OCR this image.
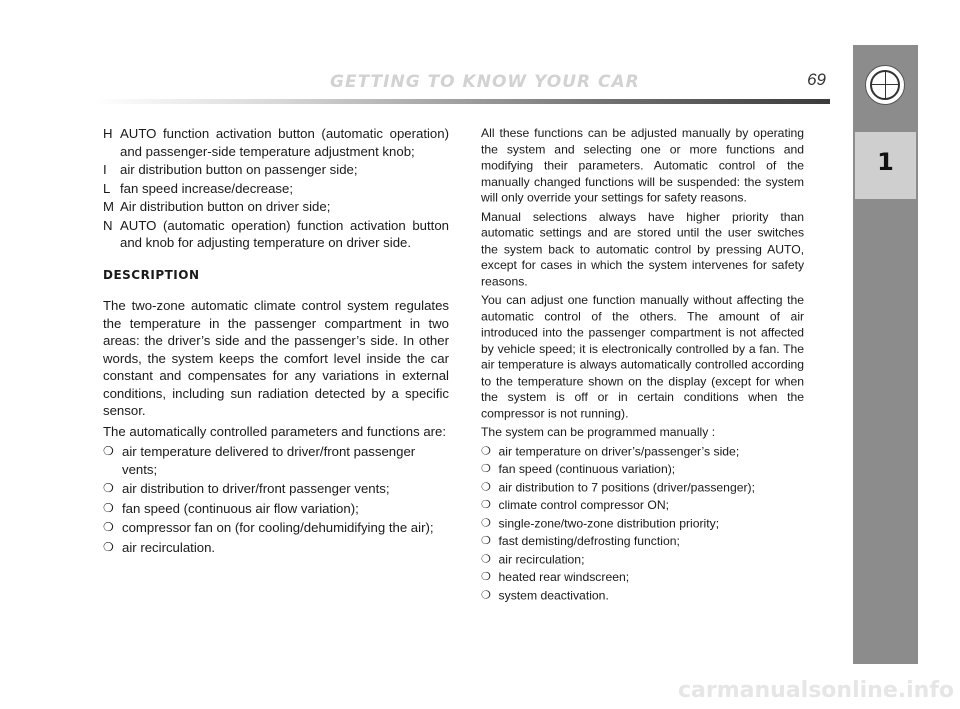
GETTING TO KNOW YOUR CAR	69
1
H AUTO function activation button (automatic operation) and passenger-side temperature adjustment knob;
I	air distribution button on passenger side;
L fan speed increase/decrease;
M Air distribution button on driver side;
N AUTO (automatic operation) function activation button and knob for adjusting temperature on driver side.
DESCRIPTION

The two-zone automatic climate control system regulates the temperature in the passenger compartment in two areas: the driver’s side and the passenger’s side. In other words, the system keeps the comfort level inside the car constant and compensates for any variations in external conditions, including sun radiation detected by a specific sensor.

The automatically controlled parameters and functions are:

❍ air temperature delivered to driver/front passenger vents;
❍ air distribution to driver/front passenger vents;
❍ fan speed (continuous air flow variation);
❍ compressor fan on (for cooling/dehumidifying the air);
❍ air recirculation.

All these functions can be adjusted manually by operating the system and selecting one or more functions and modifying their parameters. Automatic control of the manually changed functions will be suspended: the system will only override your settings for safety reasons.

Manual selections always have higher priority than automatic settings and are stored until the user switches the system back to automatic control by pressing AUTO, except for cases in which the system intervenes for safety reasons.

You can adjust one function manually without affecting the automatic control of the others. The amount of air introduced into the passenger compartment is not affected by vehicle speed; it is electronically controlled by a fan. The air temperature is always automatically controlled according to the temperature shown on the display (except for when the system is off or in certain conditions when the compressor is not running).

The system can be programmed manually :

❍ air temperature on driver’s/passenger’s side;
❍ fan speed (continuous variation);
❍ air distribution to 7 positions (driver/passenger);
❍ climate control compressor ON;
❍ single-zone/two-zone distribution priority;
❍ fast demisting/defrosting function;
❍ air recirculation;
❍ heated rear windscreen;
❍ system deactivation.
carmanualsonline.info
